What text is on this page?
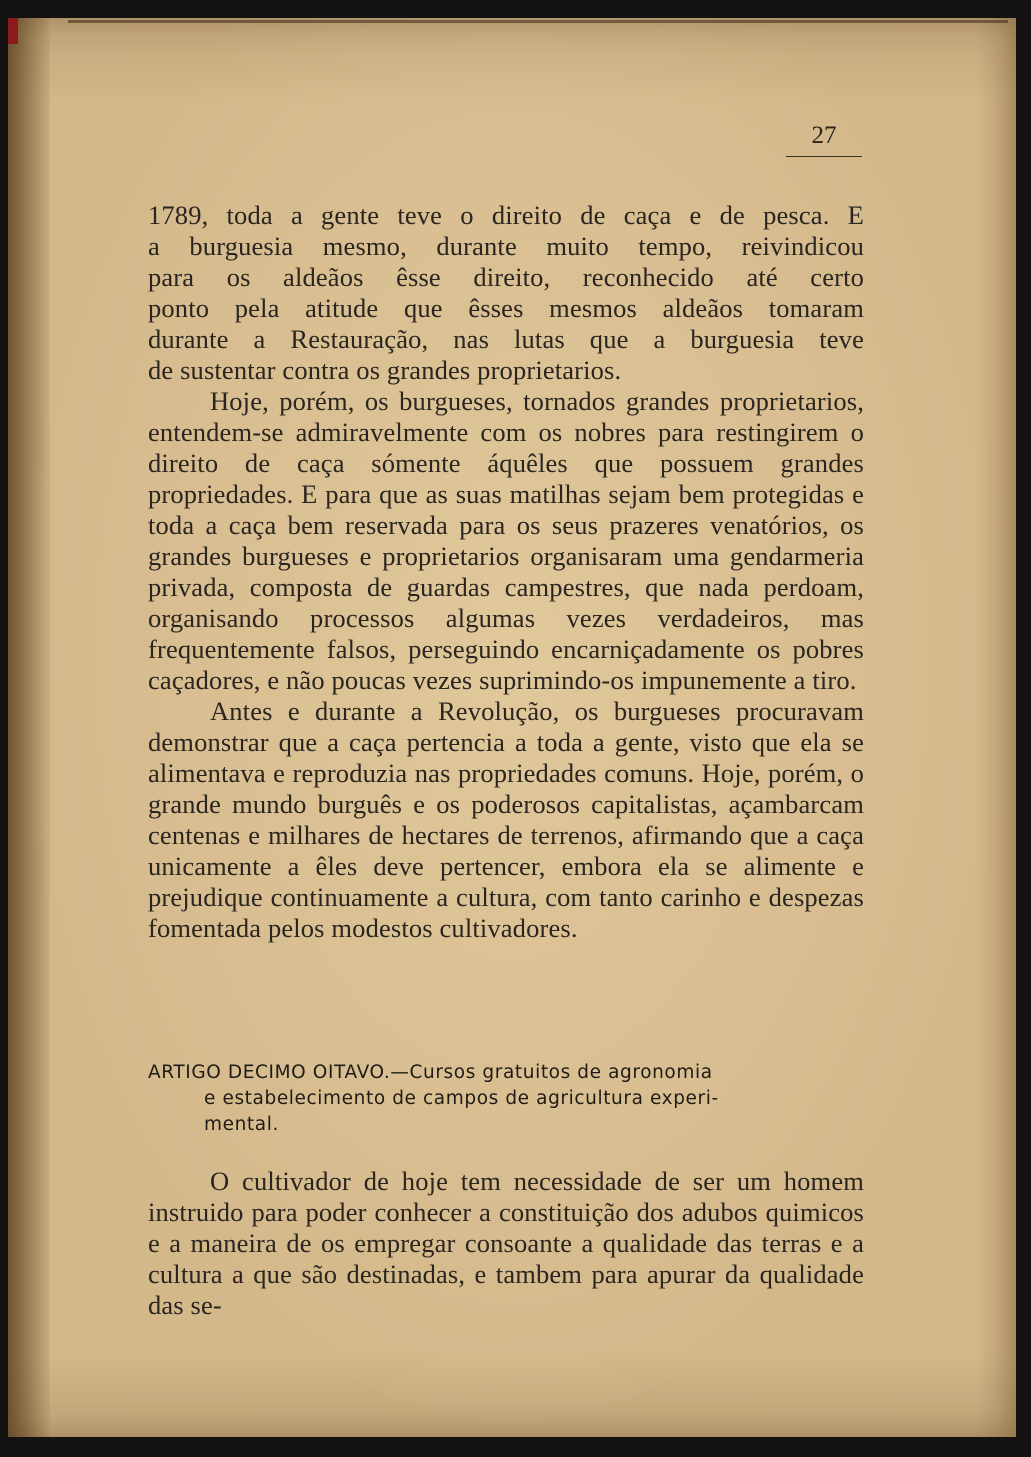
27

1789, toda a gente teve o direito de caça e de pesca. E
a burguesia mesmo, durante muito tempo, reivindicou
para os aldeãos êsse direito, reconhecido até certo
ponto pela atitude que êsses mesmos aldeãos tomaram
durante a Restauração, nas lutas que a burguesia teve
de sustentar contra os grandes proprietarios.

Hoje, porém, os burgueses, tornados grandes proprietarios, entendem-se admiravelmente com os nobres para restingirem o direito de caça sómente áquêles que possuem grandes propriedades. E para que as suas matilhas sejam bem protegidas e toda a caça bem reservada para os seus prazeres venatórios, os grandes burgueses e proprietarios organisaram uma gendarmeria privada, composta de guardas campestres, que nada perdoam, organisando processos algumas vezes verdadeiros, mas frequentemente falsos, perseguindo encarniçadamente os pobres caçadores, e não poucas vezes suprimindo-os impunemente a tiro.

Antes e durante a Revolução, os burgueses procuravam demonstrar que a caça pertencia a toda a gente, visto que ela se alimentava e reproduzia nas propriedades comuns. Hoje, porém, o grande mundo burguês e os poderosos capitalistas, açambarcam centenas e milhares de hectares de terrenos, afirmando que a caça unicamente a êles deve pertencer, embora ela se alimente e prejudique continuamente a cultura, com tanto carinho e despezas fomentada pelos modestos cultivadores.

ARTIGO DECIMO OITAVO.—Cursos gratuitos de agronomia
e estabelecimento de campos de agricultura experi-
mental.

O cultivador de hoje tem necessidade de ser um homem instruido para poder conhecer a constituição dos adubos quimicos e a maneira de os empregar consoante a qualidade das terras e a cultura a que são destinadas, e tambem para apurar da qualidade das se-
